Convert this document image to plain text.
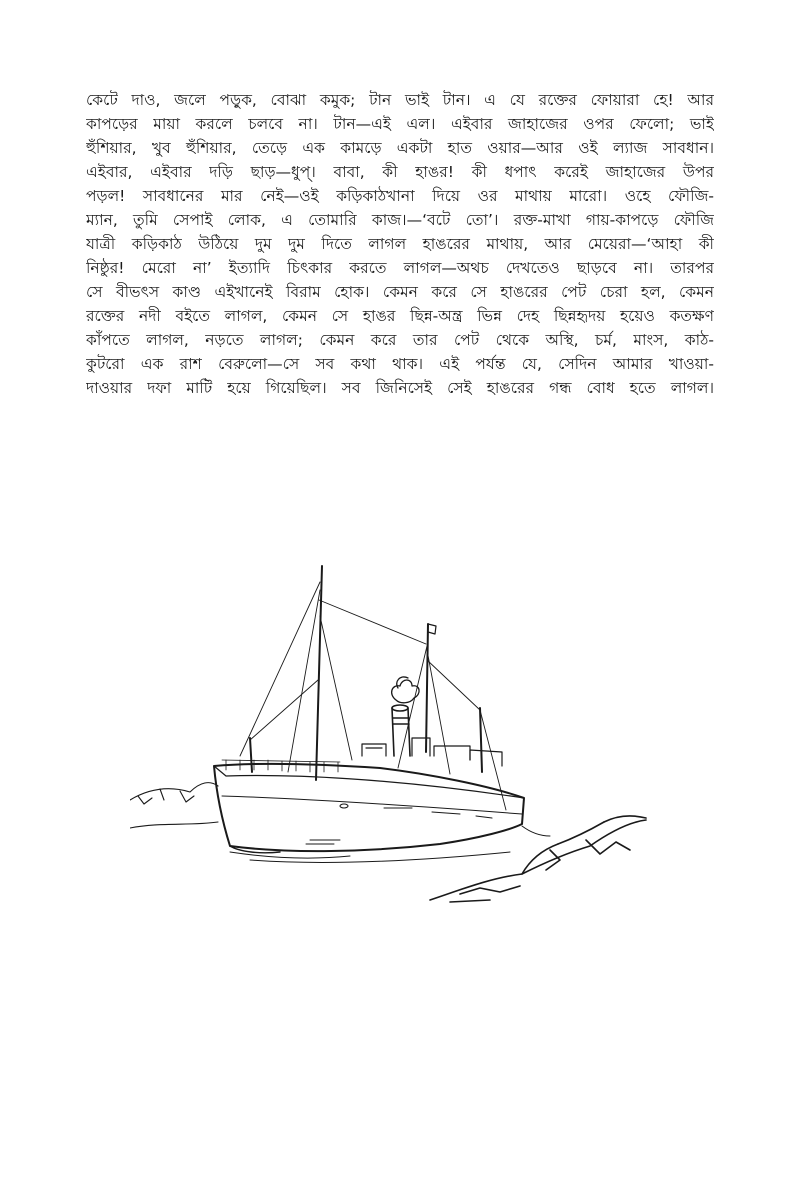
কেটে দাও, জলে পড়ুক, বোঝা কমুক; টান ভাই টান। এ যে রক্তের ফোয়ারা হে! আর
কাপড়ের মায়া করলে চলবে না। টান—এই এল। এইবার জাহাজের ওপর ফেলো; ভাই
হুঁশিয়ার, খুব হুঁশিয়ার, তেড়ে এক কামড়ে একটা হাত ওয়ার—আর ওই ল্যাজ সাবধান।
এইবার, এইবার দড়ি ছাড়—ধুপ্। বাবা, কী হাঙর! কী ধপাৎ করেই জাহাজের উপর
পড়ল! সাবধানের মার নেই—ওই কড়িকাঠখানা দিয়ে ওর মাথায় মারো। ওহে ফৌজি-
ম্যান, তুমি সেপাই লোক, এ তোমারি কাজ।—‘বটে তো’। রক্ত-মাখা গায়-কাপড়ে ফৌজি
যাত্রী কড়িকাঠ উঠিয়ে দুম দুম দিতে লাগল হাঙরের মাথায়, আর মেয়েরা—‘আহা কী
নিষ্ঠুর! মেরো না’ ইত্যাদি চিৎকার করতে লাগল—অথচ দেখতেও ছাড়বে না। তারপর
সে বীভৎস কাণ্ড এইখানেই বিরাম হোক। কেমন করে সে হাঙরের পেট চেরা হল, কেমন
রক্তের নদী বইতে লাগল, কেমন সে হাঙর ছিন্ন-অন্ত্র ভিন্ন দেহ ছিন্নহৃদয় হয়েও কতক্ষণ
কাঁপতে লাগল, নড়তে লাগল; কেমন করে তার পেট থেকে অস্থি, চর্ম, মাংস, কাঠ-
কুটরো এক রাশ বেরুলো—সে সব কথা থাক। এই পর্যন্ত যে, সেদিন আমার খাওয়া-
দাওয়ার দফা মাটি হয়ে গিয়েছিল। সব জিনিসেই সেই হাঙরের গন্ধ বোধ হতে লাগল।
